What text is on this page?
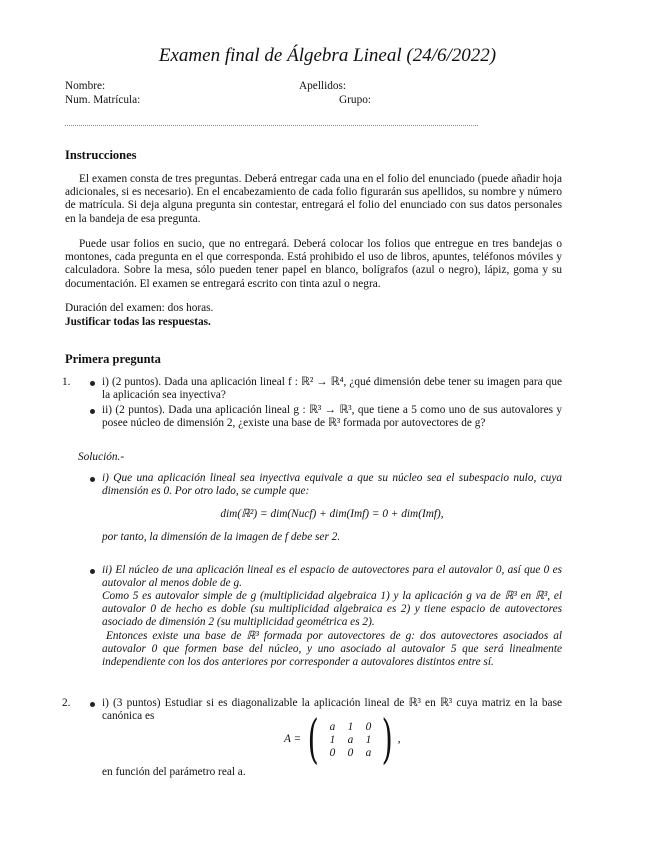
Examen final de Álgebra Lineal (24/6/2022)
Nombre:	Apellidos:
Num. Matrícula:	Grupo:
Instrucciones
El examen consta de tres preguntas. Deberá entregar cada una en el folio del enunciado (puede añadir hoja adicionales, si es necesario). En el encabezamiento de cada folio figurarán sus apellidos, su nombre y número de matrícula. Si deja alguna pregunta sin contestar, entregará el folio del enunciado con sus datos personales en la bandeja de esa pregunta.
Puede usar folios en sucio, que no entregará. Deberá colocar los folios que entregue en tres bandejas o montones, cada pregunta en el que corresponda. Está prohibido el uso de libros, apuntes, teléfonos móviles y calculadora. Sobre la mesa, sólo pueden tener papel en blanco, bolígrafos (azul o negro), lápiz, goma y su documentación. El examen se entregará escrito con tinta azul o negra.
Duración del examen: dos horas.
Justificar todas las respuestas.
Primera pregunta
1.	i) (2 puntos). Dada una aplicación lineal f : ℝ² → ℝ⁴, ¿qué dimensión debe tener su imagen para que la aplicación sea inyectiva?
ii) (2 puntos). Dada una aplicación lineal g : ℝ³ → ℝ³, que tiene a 5 como uno de sus autovalores y posee núcleo de dimensión 2, ¿existe una base de ℝ³ formada por autovectores de g?
Solución.-
i) Que una aplicación lineal sea inyectiva equivale a que su núcleo sea el subespacio nulo, cuya dimensión es 0. Por otro lado, se cumple que:
dim(ℝ²) = dim(Nucf) + dim(Imf) = 0 + dim(Imf),
por tanto, la dimensión de la imagen de f debe ser 2.
ii) El núcleo de una aplicación lineal es el espacio de autovectores para el autovalor 0, así que 0 es autovalor al menos doble de g.
Como 5 es autovalor simple de g (multiplicidad algebraica 1) y la aplicación g va de ℝ³ en ℝ³, el autovalor 0 de hecho es doble (su multiplicidad algebraica es 2) y tiene espacio de autovectores asociado de dimensión 2 (su multiplicidad geométrica es 2).
Entonces existe una base de ℝ³ formada por autovectores de g: dos autovectores asociados al autovalor 0 que formen base del núcleo, y uno asociado al autovalor 5 que será linealmente independiente con los dos anteriores por corresponder a autovalores distintos entre sí.
2.	i) (3 puntos) Estudiar si es diagonalizable la aplicación lineal de ℝ³ en ℝ³ cuya matriz en la base canónica es
A = ( a	1	0
1	a	1
0	0	a ) ,
en función del parámetro real a.
